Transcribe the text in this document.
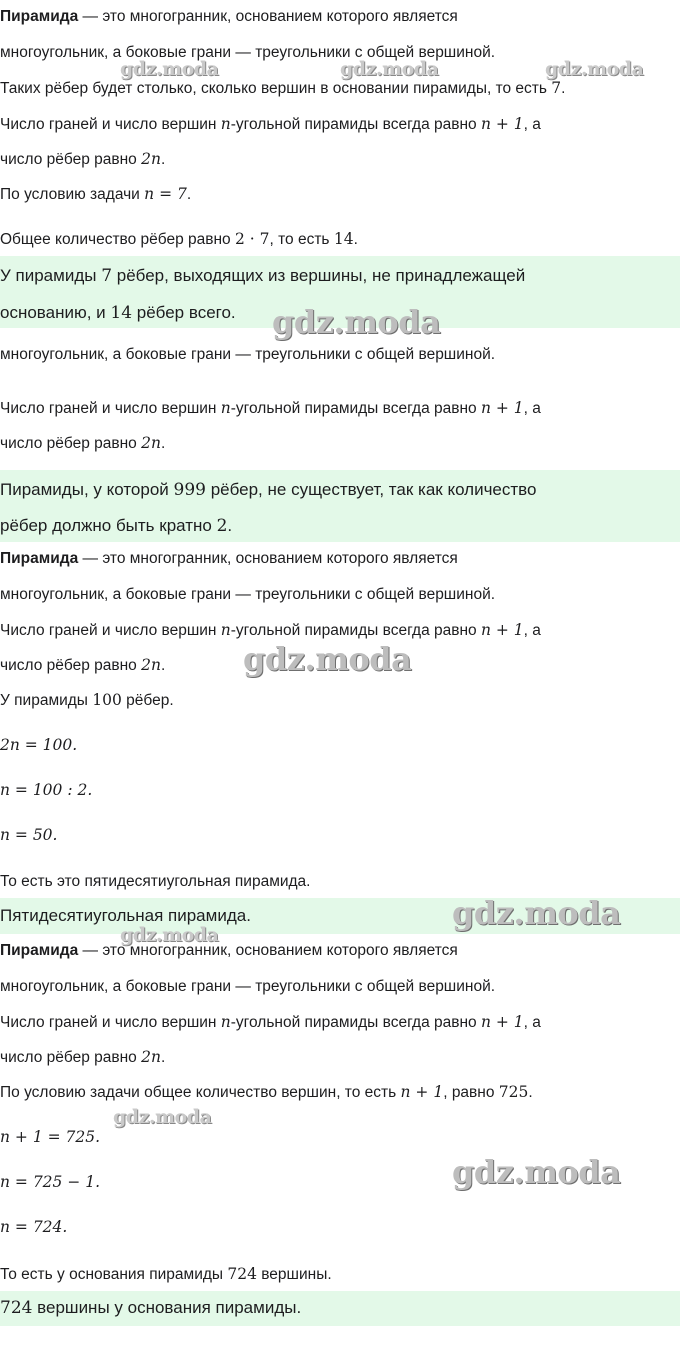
Пирамида — это многогранник, основанием которого является

многоугольник, а боковые грани — треугольники с общей вершиной.

Таких рёбер будет столько, сколько вершин в основании пирамиды, то есть 7.

Число граней и число вершин n-угольной пирамиды всегда равно n + 1, а

число рёбер равно 2n.

По условию задачи n = 7.

Общее количество рёбер равно 2 · 7, то есть 14.

У пирамиды 7 рёбер, выходящих из вершины, не принадлежащей

основанию, и 14 рёбер всего.

многоугольник, а боковые грани — треугольники с общей вершиной.

Число граней и число вершин n-угольной пирамиды всегда равно n + 1, а

число рёбер равно 2n.

Пирамиды, у которой 999 рёбер, не существует, так как количество

рёбер должно быть кратно 2.

Пирамида — это многогранник, основанием которого является

многоугольник, а боковые грани — треугольники с общей вершиной.

Число граней и число вершин n-угольной пирамиды всегда равно n + 1, а

число рёбер равно 2n.

У пирамиды 100 рёбер.

2n = 100.

n = 100 : 2.

n = 50.

То есть это пятидесятиугольная пирамида.

Пятидесятиугольная пирамида.

Пирамида — это многогранник, основанием которого является

многоугольник, а боковые грани — треугольники с общей вершиной.

Число граней и число вершин n-угольной пирамиды всегда равно n + 1, а

число рёбер равно 2n.

По условию задачи общее количество вершин, то есть n + 1, равно 725.

n + 1 = 725.

n = 725 − 1.

n = 724.

То есть у основания пирамиды 724 вершины.

724 вершины у основания пирамиды.

gdz.moda	gdz.moda	gdz.moda

gdz.moda

gdz.moda

gdz.moda

gdz.moda

gdz.moda

gdz.moda
